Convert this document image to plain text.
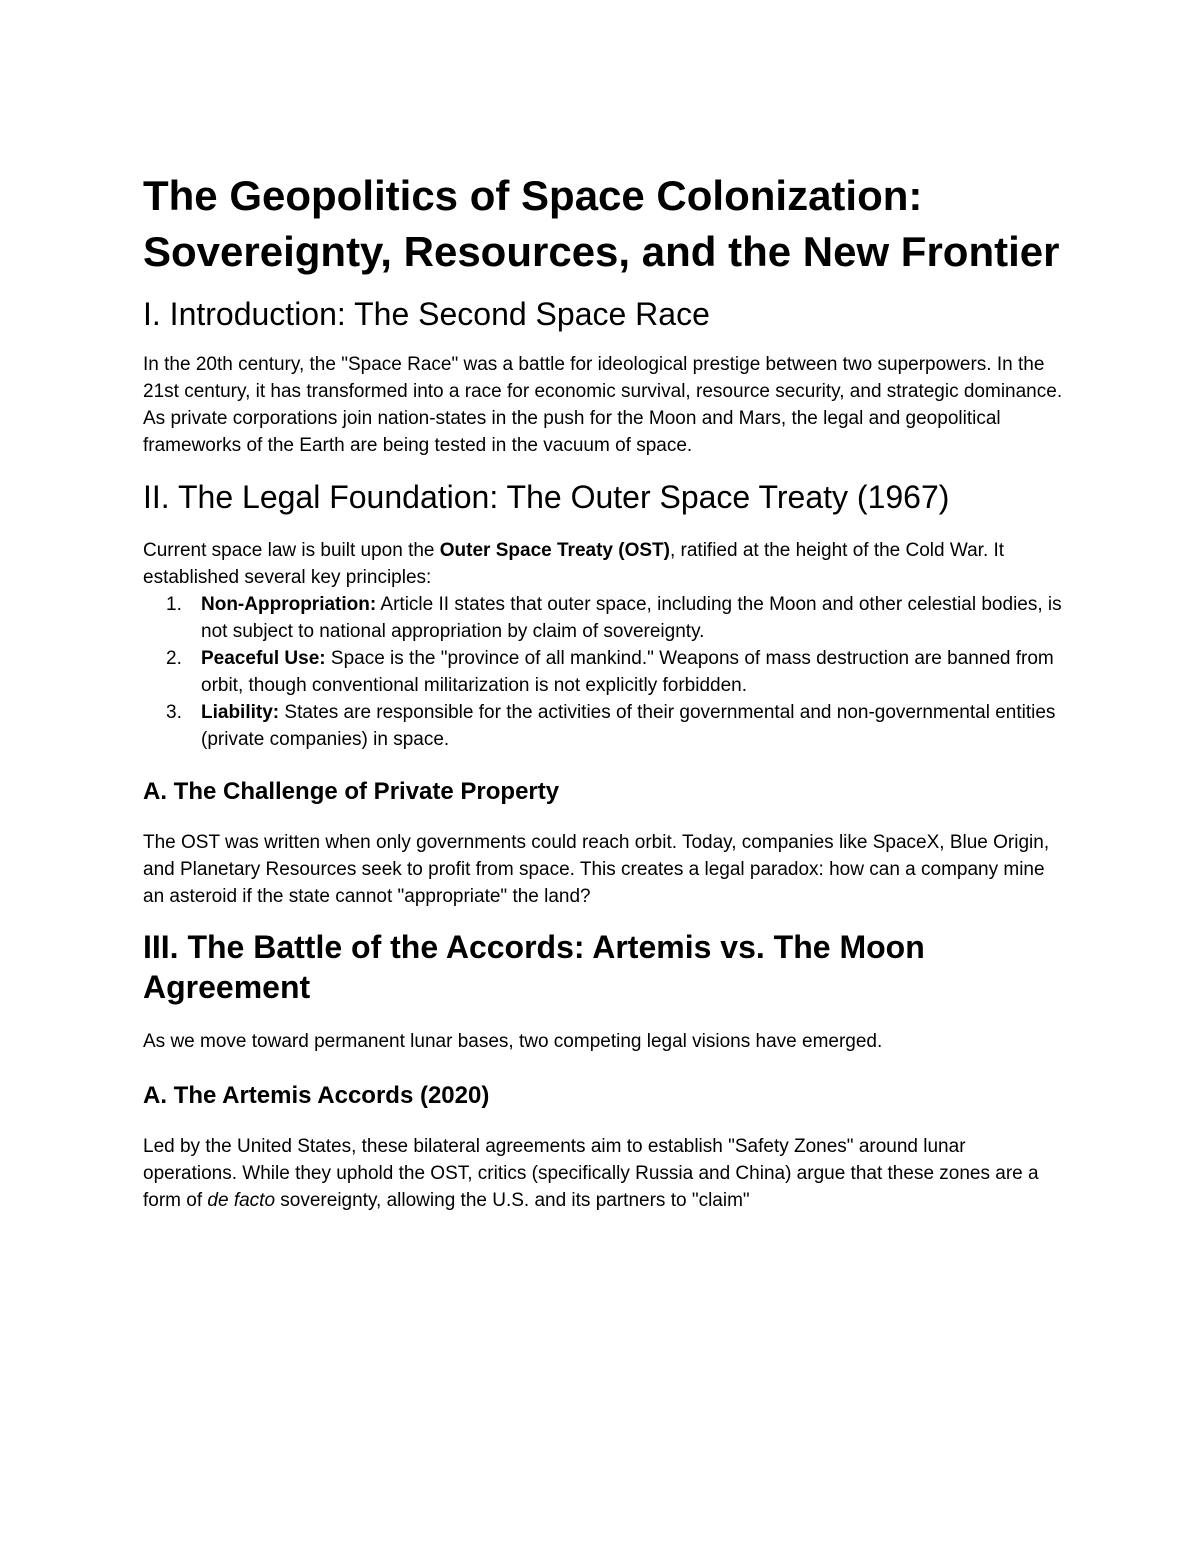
The Geopolitics of Space Colonization: Sovereignty, Resources, and the New Frontier
I. Introduction: The Second Space Race

In the 20th century, the "Space Race" was a battle for ideological prestige between two superpowers. In the 21st century, it has transformed into a race for economic survival, resource security, and strategic dominance. As private corporations join nation-states in the push for the Moon and Mars, the legal and geopolitical frameworks of the Earth are being tested in the vacuum of space.

II. The Legal Foundation: The Outer Space Treaty (1967)

Current space law is built upon the Outer Space Treaty (OST), ratified at the height of the Cold War. It established several key principles:

1. Non-Appropriation: Article II states that outer space, including the Moon and other celestial bodies, is not subject to national appropriation by claim of sovereignty.
2. Peaceful Use: Space is the "province of all mankind." Weapons of mass destruction are banned from orbit, though conventional militarization is not explicitly forbidden.
3. Liability: States are responsible for the activities of their governmental and non-governmental entities (private companies) in space.
A. The Challenge of Private Property

The OST was written when only governments could reach orbit. Today, companies like SpaceX, Blue Origin, and Planetary Resources seek to profit from space. This creates a legal paradox: how can a company mine an asteroid if the state cannot "appropriate" the land?

III. The Battle of the Accords: Artemis vs. The Moon Agreement

As we move toward permanent lunar bases, two competing legal visions have emerged.

A. The Artemis Accords (2020)

Led by the United States, these bilateral agreements aim to establish "Safety Zones" around lunar operations. While they uphold the OST, critics (specifically Russia and China) argue that these zones are a form of de facto sovereignty, allowing the U.S. and its partners to "claim"
